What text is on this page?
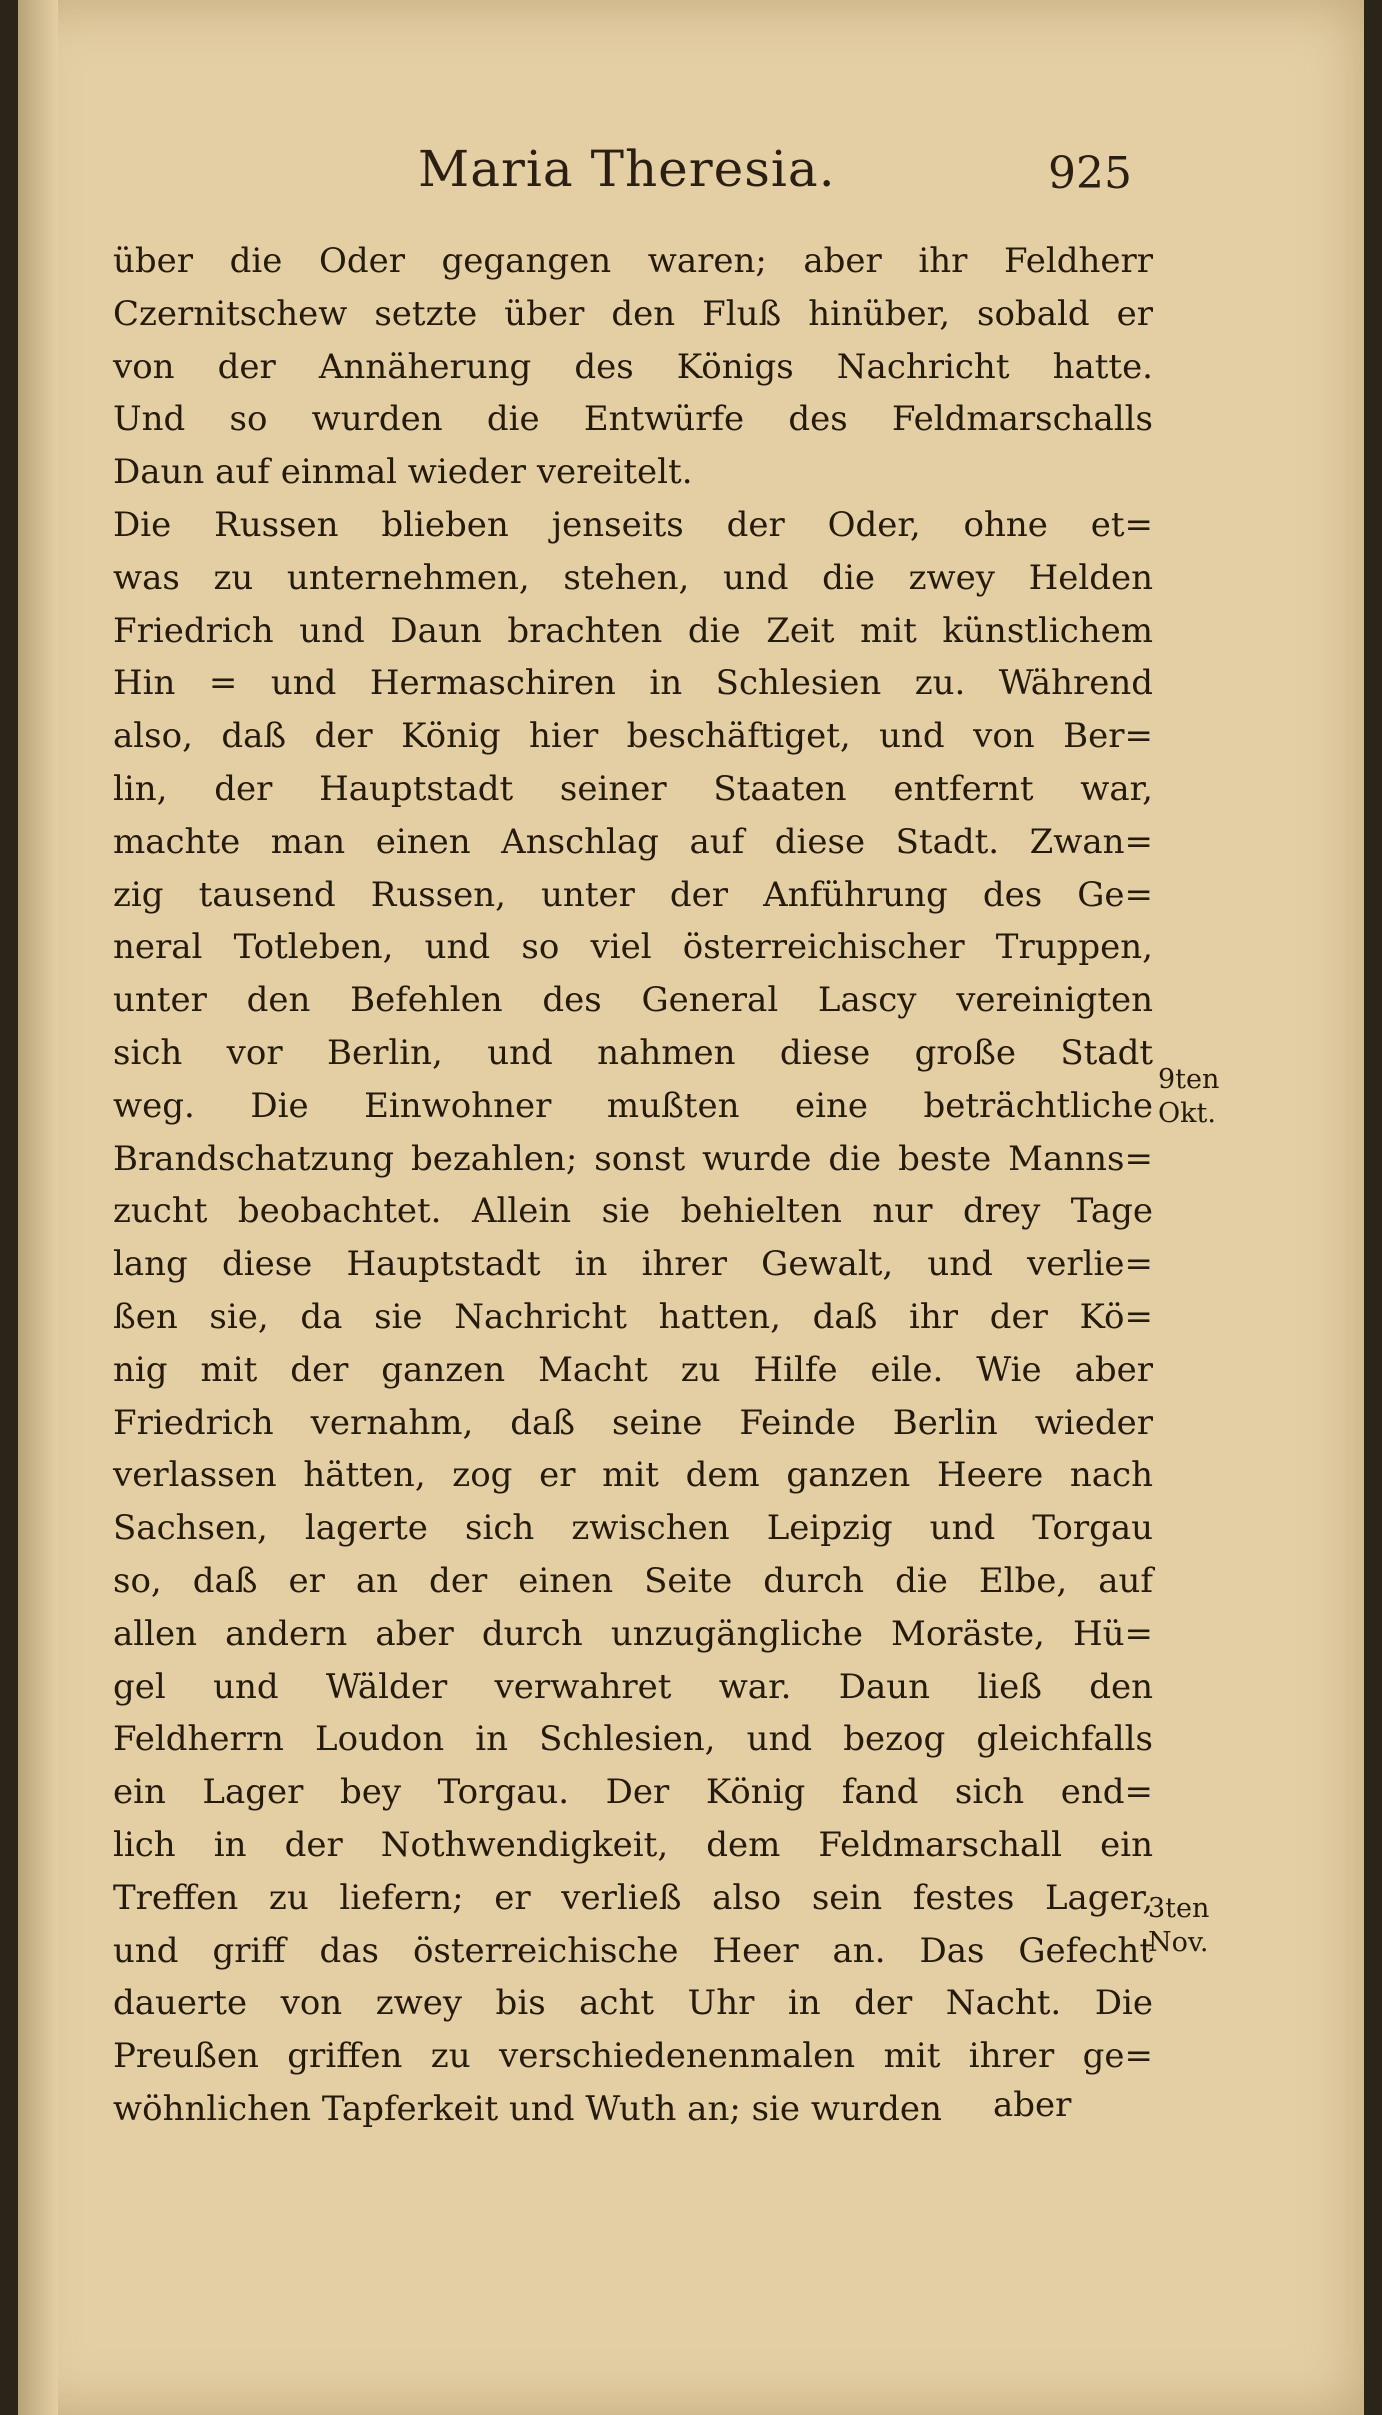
Maria Theresia.	925
über die Oder gegangen waren; aber ihr Feldherr
Czernitschew setzte über den Fluß hinüber, sobald er
von der Annäherung des Königs Nachricht hatte.
Und so wurden die Entwürfe des Feldmarschalls
Daun auf einmal wieder vereitelt.
Die Russen blieben jenseits der Oder, ohne et=
was zu unternehmen, stehen, und die zwey Helden
Friedrich und Daun brachten die Zeit mit künstlichem
Hin = und Hermaschiren in Schlesien zu. Während
also, daß der König hier beschäftiget, und von Ber=
lin, der Hauptstadt seiner Staaten entfernt war,
machte man einen Anschlag auf diese Stadt. Zwan=
zig tausend Russen, unter der Anführung des Ge=
neral Totleben, und so viel österreichischer Truppen,
unter den Befehlen des General Lascy vereinigten
sich vor Berlin, und nahmen diese große Stadt
weg. Die Einwohner mußten eine beträchtliche
Brandschatzung bezahlen; sonst wurde die beste Manns=
zucht beobachtet. Allein sie behielten nur drey Tage
lang diese Hauptstadt in ihrer Gewalt, und verlie=
ßen sie, da sie Nachricht hatten, daß ihr der Kö=
nig mit der ganzen Macht zu Hilfe eile. Wie aber
Friedrich vernahm, daß seine Feinde Berlin wieder
verlassen hätten, zog er mit dem ganzen Heere nach
Sachsen, lagerte sich zwischen Leipzig und Torgau
so, daß er an der einen Seite durch die Elbe, auf
allen andern aber durch unzugängliche Moräste, Hü=
gel und Wälder verwahret war. Daun ließ den
Feldherrn Loudon in Schlesien, und bezog gleichfalls
ein Lager bey Torgau. Der König fand sich end=
lich in der Nothwendigkeit, dem Feldmarschall ein
Treffen zu liefern; er verließ also sein festes Lager,
und griff das österreichische Heer an. Das Gefecht
dauerte von zwey bis acht Uhr in der Nacht. Die
Preußen griffen zu verschiedenenmalen mit ihrer ge=
wöhnlichen Tapferkeit und Wuth an; sie wurden	aber
9ten Okt.
3ten Nov.
